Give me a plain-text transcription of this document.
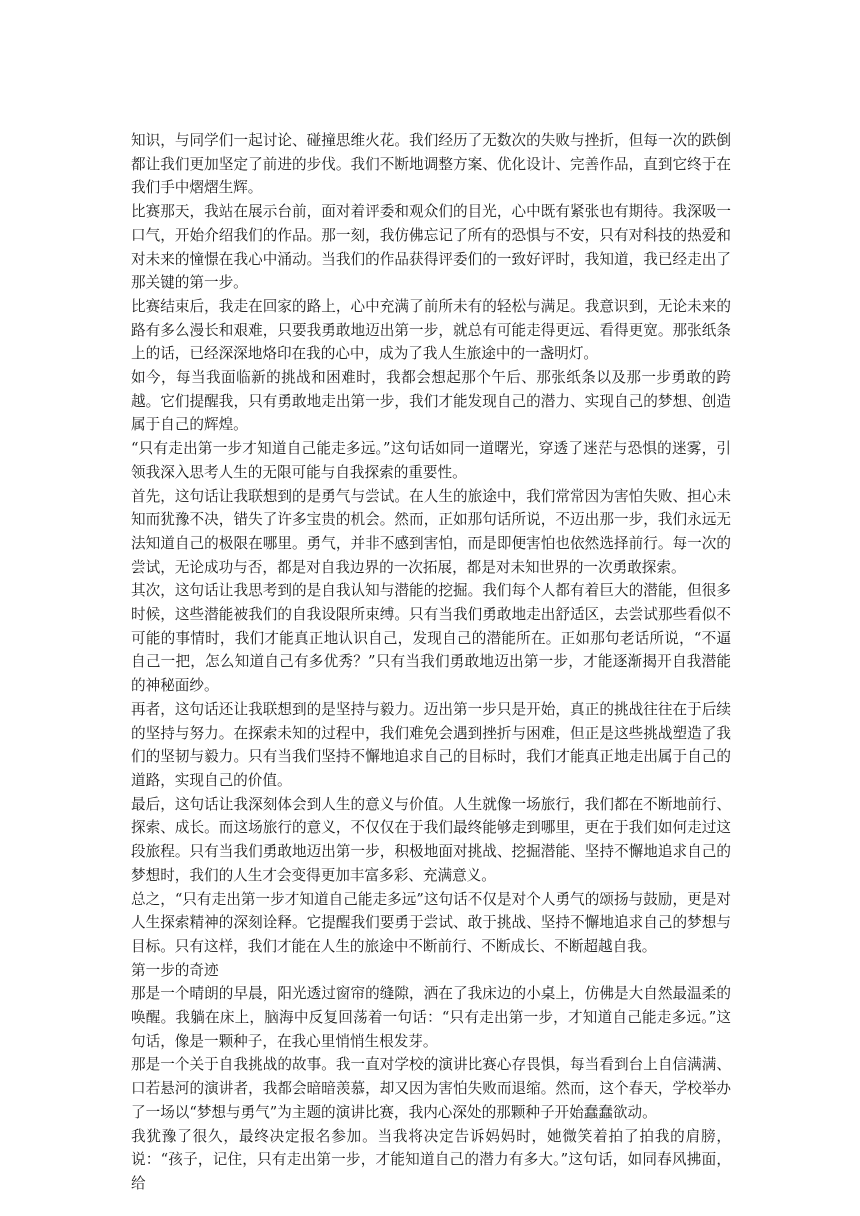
知识，与同学们一起讨论、碰撞思维火花。我们经历了无数次的失败与挫折，但每一次的跌倒都让我们更加坚定了前进的步伐。我们不断地调整方案、优化设计、完善作品，直到它终于在我们手中熠熠生辉。

比赛那天，我站在展示台前，面对着评委和观众们的目光，心中既有紧张也有期待。我深吸一口气，开始介绍我们的作品。那一刻，我仿佛忘记了所有的恐惧与不安，只有对科技的热爱和对未来的憧憬在我心中涌动。当我们的作品获得评委们的一致好评时，我知道，我已经走出了那关键的第一步。

比赛结束后，我走在回家的路上，心中充满了前所未有的轻松与满足。我意识到，无论未来的路有多么漫长和艰难，只要我勇敢地迈出第一步，就总有可能走得更远、看得更宽。那张纸条上的话，已经深深地烙印在我的心中，成为了我人生旅途中的一盏明灯。

如今，每当我面临新的挑战和困难时，我都会想起那个午后、那张纸条以及那一步勇敢的跨越。它们提醒我，只有勇敢地走出第一步，我们才能发现自己的潜力、实现自己的梦想、创造属于自己的辉煌。

“只有走出第一步才知道自己能走多远。”这句话如同一道曙光，穿透了迷茫与恐惧的迷雾，引领我深入思考人生的无限可能与自我探索的重要性。

首先，这句话让我联想到的是勇气与尝试。在人生的旅途中，我们常常因为害怕失败、担心未知而犹豫不决，错失了许多宝贵的机会。然而，正如那句话所说，不迈出那一步，我们永远无法知道自己的极限在哪里。勇气，并非不感到害怕，而是即便害怕也依然选择前行。每一次的尝试，无论成功与否，都是对自我边界的一次拓展，都是对未知世界的一次勇敢探索。

其次，这句话让我思考到的是自我认知与潜能的挖掘。我们每个人都有着巨大的潜能，但很多时候，这些潜能被我们的自我设限所束缚。只有当我们勇敢地走出舒适区，去尝试那些看似不可能的事情时，我们才能真正地认识自己，发现自己的潜能所在。正如那句老话所说，“不逼自己一把，怎么知道自己有多优秀？”只有当我们勇敢地迈出第一步，才能逐渐揭开自我潜能的神秘面纱。

再者，这句话还让我联想到的是坚持与毅力。迈出第一步只是开始，真正的挑战往往在于后续的坚持与努力。在探索未知的过程中，我们难免会遇到挫折与困难，但正是这些挑战塑造了我们的坚韧与毅力。只有当我们坚持不懈地追求自己的目标时，我们才能真正地走出属于自己的道路，实现自己的价值。

最后，这句话让我深刻体会到人生的意义与价值。人生就像一场旅行，我们都在不断地前行、探索、成长。而这场旅行的意义，不仅仅在于我们最终能够走到哪里，更在于我们如何走过这段旅程。只有当我们勇敢地迈出第一步，积极地面对挑战、挖掘潜能、坚持不懈地追求自己的梦想时，我们的人生才会变得更加丰富多彩、充满意义。

总之，“只有走出第一步才知道自己能走多远”这句话不仅是对个人勇气的颂扬与鼓励，更是对人生探索精神的深刻诠释。它提醒我们要勇于尝试、敢于挑战、坚持不懈地追求自己的梦想与目标。只有这样，我们才能在人生的旅途中不断前行、不断成长、不断超越自我。

第一步的奇迹

那是一个晴朗的早晨，阳光透过窗帘的缝隙，洒在了我床边的小桌上，仿佛是大自然最温柔的唤醒。我躺在床上，脑海中反复回荡着一句话：“只有走出第一步，才知道自己能走多远。”这句话，像是一颗种子，在我心里悄悄生根发芽。

那是一个关于自我挑战的故事。我一直对学校的演讲比赛心存畏惧，每当看到台上自信满满、口若悬河的演讲者，我都会暗暗羡慕，却又因为害怕失败而退缩。然而，这个春天，学校举办了一场以“梦想与勇气”为主题的演讲比赛，我内心深处的那颗种子开始蠢蠢欲动。

我犹豫了很久，最终决定报名参加。当我将决定告诉妈妈时，她微笑着拍了拍我的肩膀，说：“孩子，记住，只有走出第一步，才能知道自己的潜力有多大。”这句话，如同春风拂面，给
